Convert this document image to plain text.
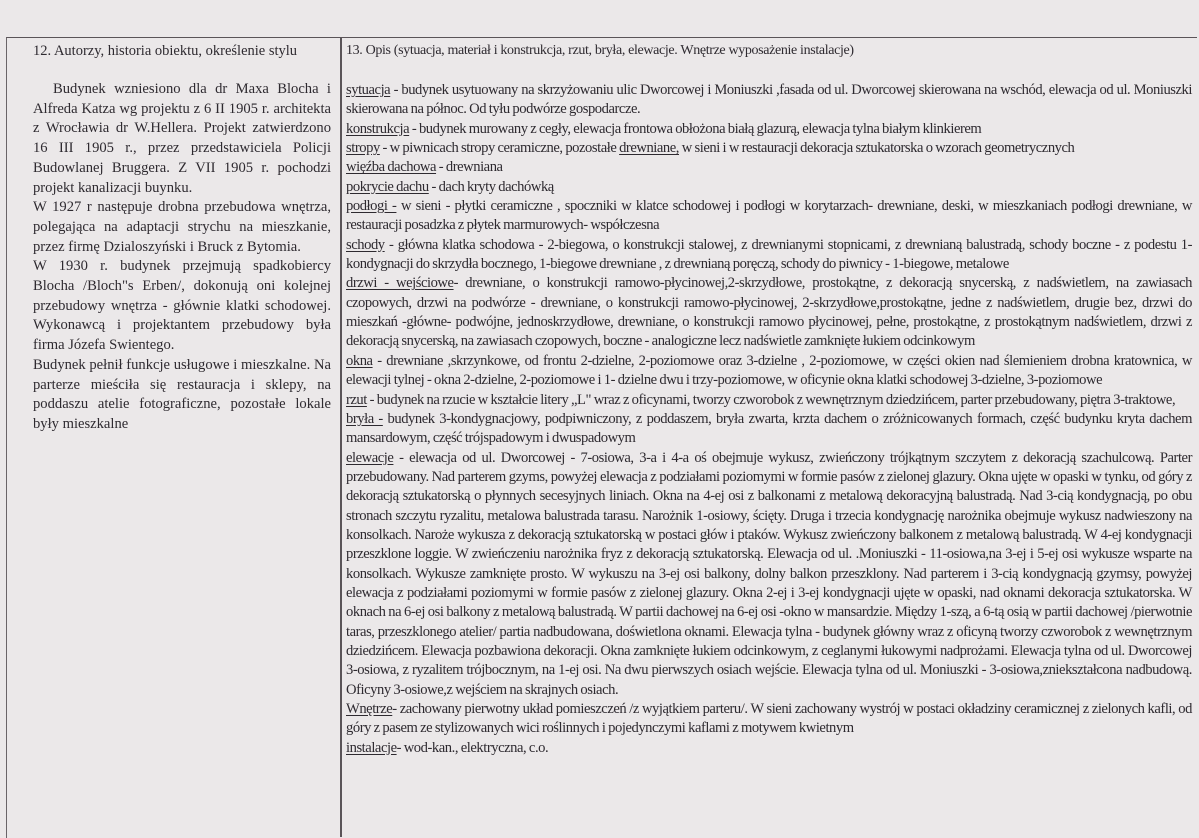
12. Autorzy, historia obiektu, określenie stylu

Budynek wzniesiono dla dr Maxa Blocha i Alfreda Katza wg projektu z 6 II 1905 r. architekta z Wrocławia dr W.Hellera. Projekt zatwierdzono 16 III 1905 r., przez przedstawiciela Policji Budowlanej Bruggera. Z VII 1905 r. pochodzi projekt kanalizacji buynku.

W 1927 r następuje drobna przebudowa wnętrza, polegająca na adaptacji strychu na mieszkanie, przez firmę Dzialoszyński i Bruck z Bytomia.

W 1930 r. budynek przejmują spadkobiercy Blocha /Bloch"s Erben/, dokonują oni kolejnej przebudowy wnętrza - głównie klatki schodowej. Wykonawcą i projektantem przebudowy była firma Józefa Swientego.

Budynek pełnił funkcje usługowe i mieszkalne. Na parterze mieściła się restauracja i sklepy, na poddaszu atelie fotograficzne, pozostałe lokale były mieszkalne

13. Opis (sytuacja, materiał i konstrukcja, rzut, bryła, elewacje. Wnętrze wyposażenie instalacje)

sytuacja - budynek usytuowany na skrzyżowaniu ulic Dworcowej i Moniuszki ,fasada od ul. Dworcowej skierowana na wschód, elewacja od ul. Moniuszki skierowana na północ. Od tyłu podwórze gospodarcze.

konstrukcja - budynek murowany z cegły, elewacja frontowa obłożona białą glazurą, elewacja tylna białym klinkierem

stropy - w piwnicach stropy ceramiczne, pozostałe drewniane, w sieni i w restauracji dekoracja sztukatorska o wzorach geometrycznych

więźba dachowa - drewniana

pokrycie dachu - dach kryty dachówką

podłogi - w sieni - płytki ceramiczne , spoczniki w klatce schodowej i podłogi w korytarzach- drewniane, deski, w mieszkaniach podłogi drewniane, w restauracji posadzka z płytek marmurowych- współczesna

schody - główna klatka schodowa - 2-biegowa, o konstrukcji stalowej, z drewnianymi stopnicami, z drewnianą balustradą, schody boczne - z podestu 1-kondygnacji do skrzydła bocznego, 1-biegowe drewniane , z drewnianą poręczą, schody do piwnicy - 1-biegowe, metalowe

drzwi - wejściowe- drewniane, o konstrukcji ramowo-płycinowej,2-skrzydłowe, prostokątne, z dekoracją snycerską, z nadświetlem, na zawiasach czopowych, drzwi na podwórze - drewniane, o konstrukcji ramowo-płycinowej, 2-skrzydłowe,prostokątne, jedne z nadświetlem, drugie bez, drzwi do mieszkań -główne- podwójne, jednoskrzydłowe, drewniane, o konstrukcji ramowo płycinowej, pełne, prostokątne, z prostokątnym nadświetlem, drzwi z dekoracją snycerską, na zawiasach czopowych, boczne - analogiczne lecz nadświetle zamknięte łukiem odcinkowym

okna - drewniane ,skrzynkowe, od frontu 2-dzielne, 2-poziomowe oraz 3-dzielne , 2-poziomowe, w części okien nad ślemieniem drobna kratownica, w elewacji tylnej - okna 2-dzielne, 2-poziomowe i 1- dzielne dwu i trzy-poziomowe, w oficynie okna klatki schodowej 3-dzielne, 3-poziomowe

rzut - budynek na rzucie w kształcie litery „L" wraz z oficynami, tworzy czworobok z wewnętrznym dziedzińcem, parter przebudowany, piętra 3-traktowe,

bryła - budynek 3-kondygnacjowy, podpiwniczony, z poddaszem, bryła zwarta, krzta dachem o zróżnicowanych formach, część budynku kryta dachem mansardowym, część trójspadowym i dwuspadowym

elewacje - elewacja od ul. Dworcowej - 7-osiowa, 3-a i 4-a oś obejmuje wykusz, zwieńczony trójkątnym szczytem z dekoracją szachulcową. Parter przebudowany. Nad parterem gzyms, powyżej elewacja z podziałami poziomymi w formie pasów z zielonej glazury. Okna ujęte w opaski w tynku, od góry z dekoracją sztukatorską o płynnych secesyjnych liniach. Okna na 4-ej osi z balkonami z metalową dekoracyjną balustradą. Nad 3-cią kondygnacją, po obu stronach szczytu ryzalitu, metalowa balustrada tarasu. Narożnik 1-osiowy, ścięty. Druga i trzecia kondygnację narożnika obejmuje wykusz nadwieszony na konsolkach. Naroże wykusza z dekoracją sztukatorską w postaci głów i ptaków. Wykusz zwieńczony balkonem z metalową balustradą. W 4-ej kondygnacji przeszklone loggie. W zwieńczeniu narożnika fryz z dekoracją sztukatorską. Elewacja od ul. .Moniuszki - 11-osiowa,na 3-ej i 5-ej osi wykusze wsparte na konsolkach. Wykusze zamknięte prosto. W wykuszu na 3-ej osi balkony, dolny balkon przeszklony. Nad parterem i 3-cią kondygnacją gzymsy, powyżej elewacja z podziałami poziomymi w formie pasów z zielonej glazury. Okna 2-ej i 3-ej kondygnacji ujęte w opaski, nad oknami dekoracja sztukatorska. W oknach na 6-ej osi balkony z metalową balustradą. W partii dachowej na 6-ej osi -okno w mansardzie. Między 1-szą, a 6-tą osią w partii dachowej /pierwotnie taras, przeszklonego atelier/ partia nadbudowana, doświetlona oknami. Elewacja tylna - budynek główny wraz z oficyną tworzy czworobok z wewnętrznym dziedzińcem. Elewacja pozbawiona dekoracji. Okna zamknięte łukiem odcinkowym, z ceglanymi łukowymi nadprożami. Elewacja tylna od ul. Dworcowej 3-osiowa, z ryzalitem trójbocznym, na 1-ej osi. Na dwu pierwszych osiach wejście. Elewacja tylna od ul. Moniuszki - 3-osiowa,zniekształcona nadbudową. Oficyny 3-osiowe,z wejściem na skrajnych osiach.

Wnętrze- zachowany pierwotny układ pomieszczeń /z wyjątkiem parteru/. W sieni zachowany wystrój w postaci okładziny ceramicznej z zielonych kafli, od góry z pasem ze stylizowanych wici roślinnych i pojedynczymi kaflami z motywem kwietnym

instalacje- wod-kan., elektryczna, c.o.
